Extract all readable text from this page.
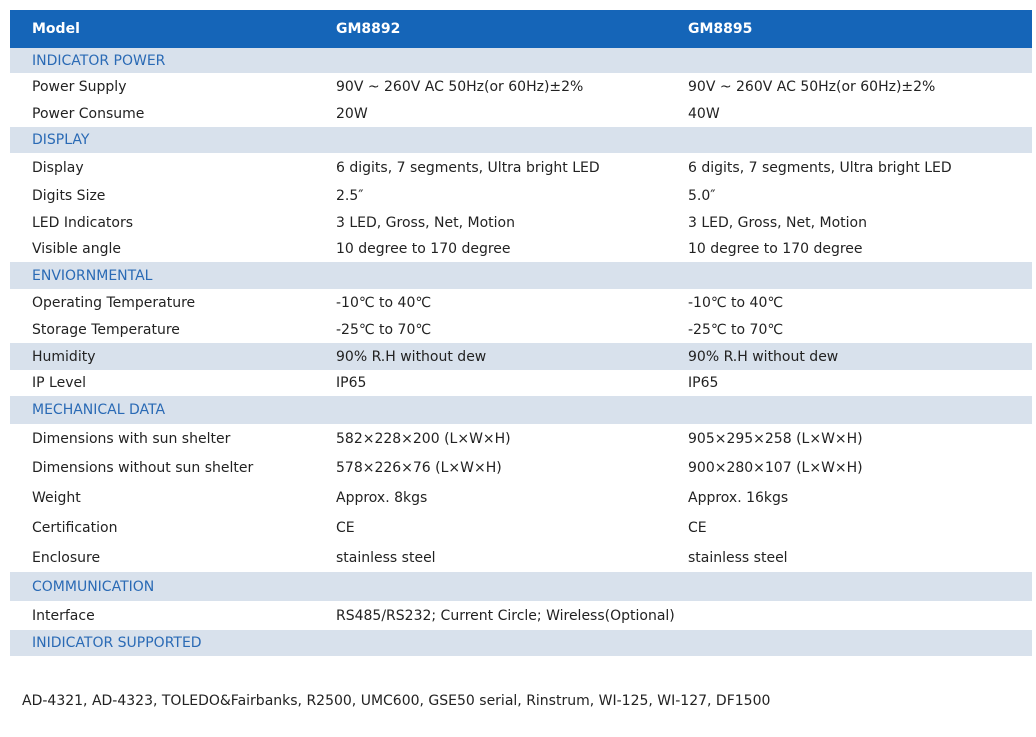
Model	GM8892	GM8895
INDICATOR POWER
Power Supply	90V ~ 260V AC 50Hz(or 60Hz)±2%	90V ~ 260V AC 50Hz(or 60Hz)±2%
Power Consume	20W	40W
DISPLAY
Display	6 digits, 7 segments, Ultra bright LED	6 digits, 7 segments, Ultra bright LED
Digits Size	2.5″	5.0″
LED Indicators	3 LED, Gross, Net, Motion	3 LED, Gross, Net, Motion
Visible angle	10 degree to 170 degree	10 degree to 170 degree
ENVIORNMENTAL
Operating Temperature	-10℃ to 40℃	-10℃ to 40℃
Storage Temperature	-25℃ to 70℃	-25℃ to 70℃
Humidity	90% R.H without dew	90% R.H without dew
IP Level	IP65	IP65
MECHANICAL DATA
Dimensions with sun shelter	582×228×200 (L×W×H)	905×295×258 (L×W×H)
Dimensions without sun shelter	578×226×76 (L×W×H)	900×280×107 (L×W×H)
Weight	Approx. 8kgs	Approx. 16kgs
Certification	CE	CE
Enclosure	stainless steel	stainless steel
COMMUNICATION
Interface	RS485/RS232; Current Circle; Wireless(Optional)
INIDICATOR SUPPORTED
AD-4321, AD-4323, TOLEDO&Fairbanks, R2500, UMC600, GSE50 serial, Rinstrum, WI-125, WI-127, DF1500
